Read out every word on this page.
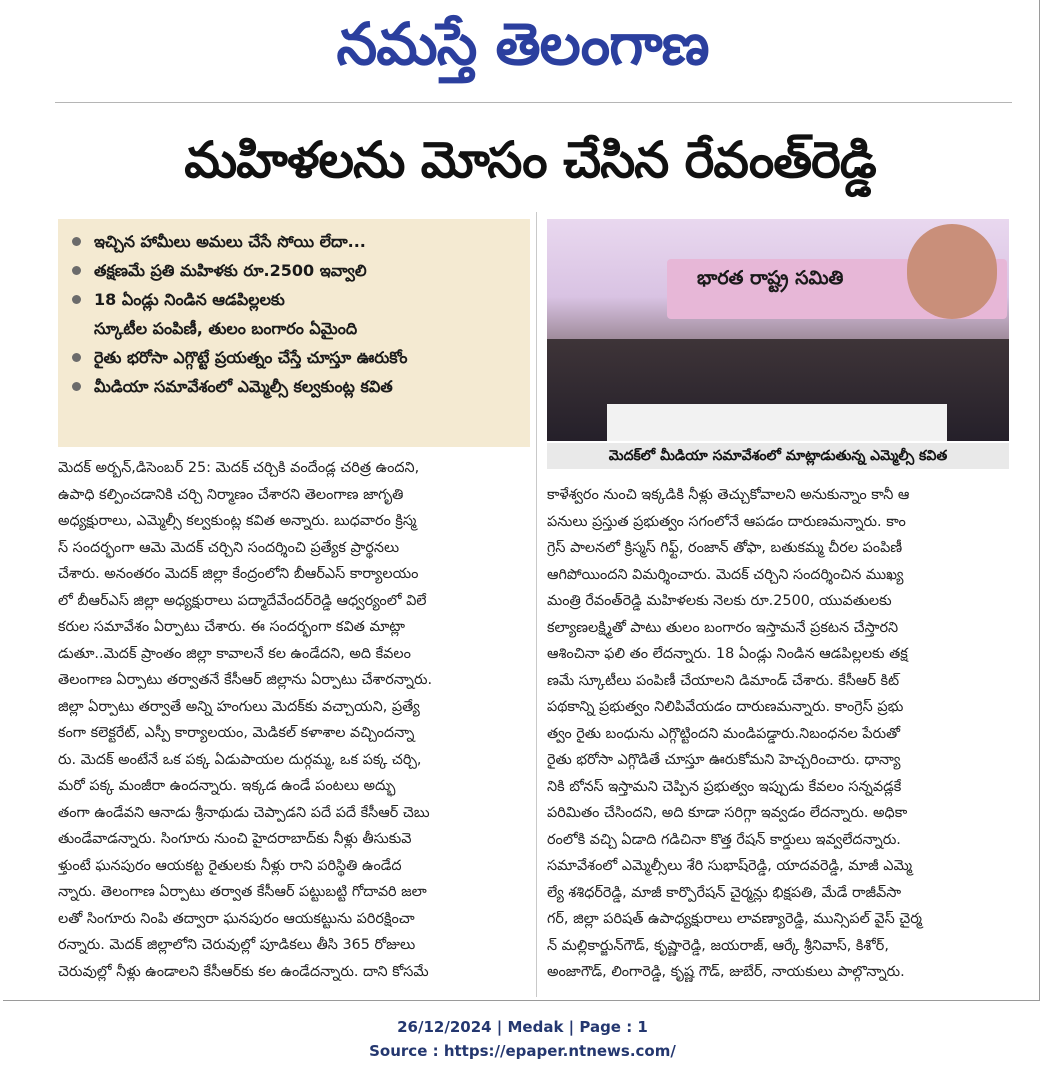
నమస్తే తెలంగాణ
మహిళలను మోసం చేసిన రేవంత్‌రెడ్డి
ఇచ్చిన హామీలు అమలు చేసే సోయి లేదా...
తక్షణమే ప్రతి మహిళకు రూ.2500 ఇవ్వాలి
18 ఏండ్లు నిండిన ఆడపిల్లలకు
స్కూటీల పంపిణీ, తులం బంగారం ఏమైంది
రైతు భరోసా ఎగ్గొట్టే ప్రయత్నం చేస్తే చూస్తూ ఊరుకోం
మీడియా సమావేశంలో ఎమ్మెల్సీ కల్వకుంట్ల కవిత
భారత రాష్ట్ర సమితి
మెదక్‌లో మీడియా సమావేశంలో మాట్లాడుతున్న ఎమ్మెల్సీ కవిత

మెదక్ అర్బన్,డిసెంబర్ 25: మెదక్ చర్చికి వందేండ్ల చరిత్ర ఉందని,

ఉపాధి కల్పించడానికి చర్చి నిర్మాణం చేశారని తెలంగాణ జాగృతి

అధ్యక్షురాలు, ఎమ్మెల్సీ కల్వకుంట్ల కవిత అన్నారు. బుధవారం క్రిస్మ

స్ సందర్భంగా ఆమె మెదక్ చర్చిని సందర్శించి ప్రత్యేక ప్రార్థనలు

చేశారు. అనంతరం మెదక్ జిల్లా కేంద్రంలోని బీఆర్ఎస్ కార్యాలయం

లో బీఆర్ఎస్ జిల్లా అధ్యక్షురాలు పద్మాదేవేందర్‌రెడ్డి ఆధ్వర్యంలో విలే

కరుల సమావేశం ఏర్పాటు చేశారు. ఈ సందర్భంగా కవిత మాట్లా

డుతూ..మెదక్ ప్రాంతం జిల్లా కావాలనే కల ఉండేదని, అది కేవలం

తెలంగాణ ఏర్పాటు తర్వాతనే కేసీఆర్ జిల్లాను ఏర్పాటు చేశారన్నారు.

జిల్లా ఏర్పాటు తర్వాతే అన్ని హంగులు మెదక్‌కు వచ్చాయని, ప్రత్యే

కంగా కలెక్టరేట్, ఎస్పీ కార్యాలయం, మెడికల్ కళాశాల వచ్చిందన్నా

రు. మెదక్ అంటేనే ఒక పక్క ఏడుపాయల దుర్గమ్మ, ఒక పక్క చర్చి,

మరో పక్క మంజీరా ఉందన్నారు. ఇక్కడ ఉండే పంటలు అద్భు

తంగా ఉండేవని ఆనాడు శ్రీనాథుడు చెప్పాడని పదే పదే కేసీఆర్ చెబు

తుండేవాడన్నారు. సింగూరు నుంచి హైదరాబాద్‌కు నీళ్లు తీసుకువె

ళ్తుంటే ఘనపురం ఆయకట్ట రైతులకు నీళ్లు రాని పరిస్థితి ఉండేద

న్నారు. తెలంగాణ ఏర్పాటు తర్వాత కేసీఆర్ పట్టుబట్టి గోదావరి జలా

లతో సింగూరు నింపి తద్వారా ఘనపురం ఆయకట్టును పరిరక్షించా

రన్నారు. మెదక్ జిల్లాలోని చెరువుల్లో పూడికలు తీసి 365 రోజులు

చెరువుల్లో నీళ్లు ఉండాలని కేసీఆర్‌కు కల ఉండేదన్నారు. దాని కోసమే

కాళేశ్వరం నుంచి ఇక్కడికి నీళ్లు తెచ్చుకోవాలని అనుకున్నాం కానీ ఆ

పనులు ప్రస్తుత ప్రభుత్వం సగంలోనే ఆపడం దారుణమన్నారు. కాం

గ్రెస్ పాలనలో క్రిస్మస్ గిఫ్ట్, రంజాన్ తోఫా, బతుకమ్మ చీరల పంపిణీ

ఆగిపోయిందని విమర్శించారు. మెదక్ చర్చిని సందర్శించిన ముఖ్య

మంత్రి రేవంత్‌రెడ్డి మహిళలకు నెలకు రూ.2500, యువతులకు

కల్యాణలక్ష్మితో పాటు తులం బంగారం ఇస్తామనే ప్రకటన చేస్తారని

ఆశించినా ఫలి తం లేదన్నారు. 18 ఏండ్లు నిండిన ఆడపిల్లలకు తక్ష

ణమే స్కూటీలు పంపిణీ చేయాలని డిమాండ్ చేశారు. కేసీఆర్ కిట్

పథకాన్ని ప్రభుత్వం నిలిపివేయడం దారుణమన్నారు. కాంగ్రెస్ ప్రభు

త్వం రైతు బంధును ఎగ్గొట్టిందని మండిపడ్డారు.నిబంధనల పేరుతో

రైతు భరోసా ఎగ్గొడితే చూస్తూ ఊరుకోమని హెచ్చరించారు. ధాన్యా

నికి బోనస్ ఇస్తామని చెప్పిన ప్రభుత్వం ఇప్పుడు కేవలం సన్నవడ్లకే

పరిమితం చేసిందని, అది కూడా సరిగ్గా ఇవ్వడం లేదన్నారు. అధికా

రంలోకి వచ్చి ఏడాది గడిచినా కొత్త రేషన్ కార్డులు ఇవ్వలేదన్నారు.

సమావేశంలో ఎమ్మెల్సీలు శేరి సుభాష్‌రెడ్డి, యాదవరెడ్డి, మాజీ ఎమ్మె

ల్యే శశిధర్‌రెడ్డి, మాజీ కార్పొరేషన్ చైర్మన్లు భిక్షపతి, మేడే రాజీవ్‌సా

గర్, జిల్లా పరిషత్ ఉపాధ్యక్షురాలు లావణ్యారెడ్డి, మున్సిపల్ వైస్ చైర్మ

న్ మల్లికార్జున్‌గౌడ్, కృష్ణారెడ్డి, జయరాజ్, ఆర్కే శ్రీనివాస్, కిశోర్,

అంజాగౌడ్, లింగారెడ్డి, కృష్ణ గౌడ్, జుబేర్, నాయకులు పాల్గొన్నారు.

26/12/2024 | Medak | Page : 1
Source : https://epaper.ntnews.com/
